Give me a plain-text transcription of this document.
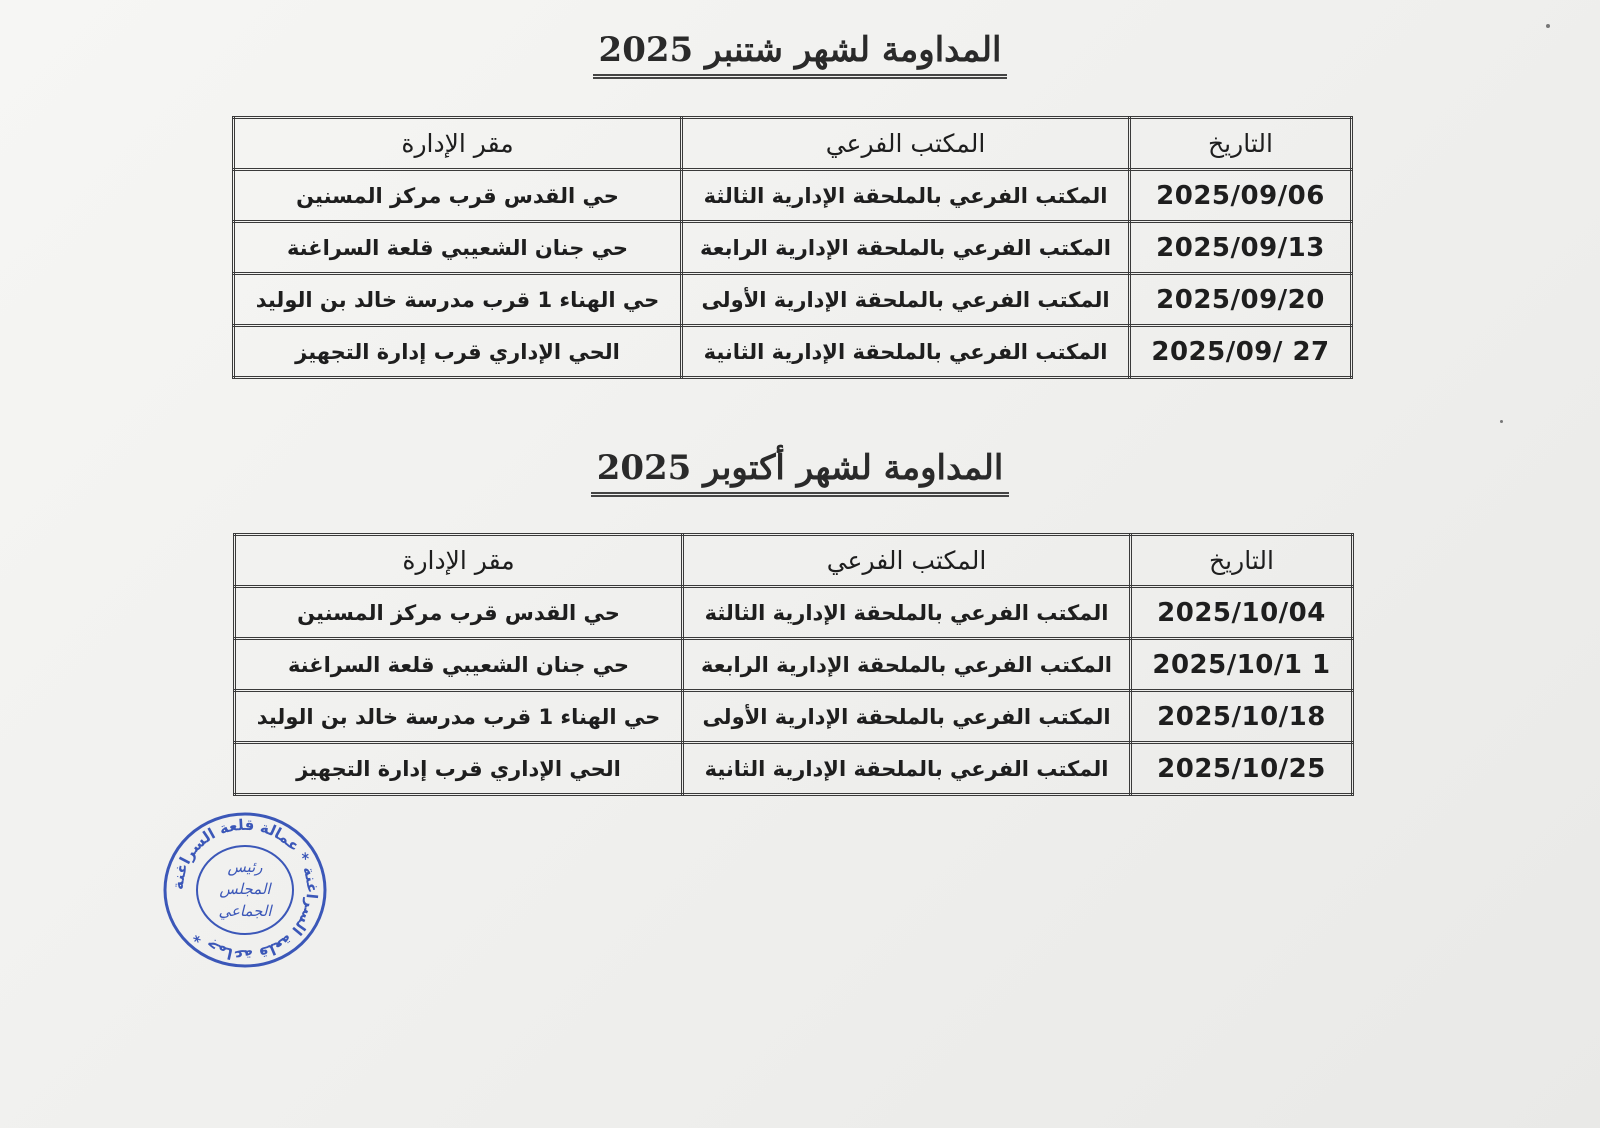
المداومة لشهر شتنبر 2025
التاريخ	المكتب الفرعي	مقر الإدارة
2025/09/06	المكتب الفرعي بالملحقة الإدارية الثالثة	حي القدس قرب مركز المسنين
2025/09/13	المكتب الفرعي بالملحقة الإدارية الرابعة	حي جنان الشعيبي قلعة السراغنة
2025/09/20	المكتب الفرعي بالملحقة الإدارية الأولى	حي الهناء 1 قرب مدرسة خالد بن الوليد
2025/09/ 27	المكتب الفرعي بالملحقة الإدارية الثانية	الحي الإداري قرب إدارة التجهيز
المداومة لشهر أكتوبر 2025
التاريخ	المكتب الفرعي	مقر الإدارة
2025/10/04	المكتب الفرعي بالملحقة الإدارية الثالثة	حي القدس قرب مركز المسنين
2025/10/1 1	المكتب الفرعي بالملحقة الإدارية الرابعة	حي جنان الشعيبي قلعة السراغنة
2025/10/18	المكتب الفرعي بالملحقة الإدارية الأولى	حي الهناء 1 قرب مدرسة خالد بن الوليد
2025/10/25	المكتب الفرعي بالملحقة الإدارية الثانية	الحي الإداري قرب إدارة التجهيز
جماعة قلعة السراغنة * عمالة قلعة السراغنة *
رئيس
المجلس
الجماعي
